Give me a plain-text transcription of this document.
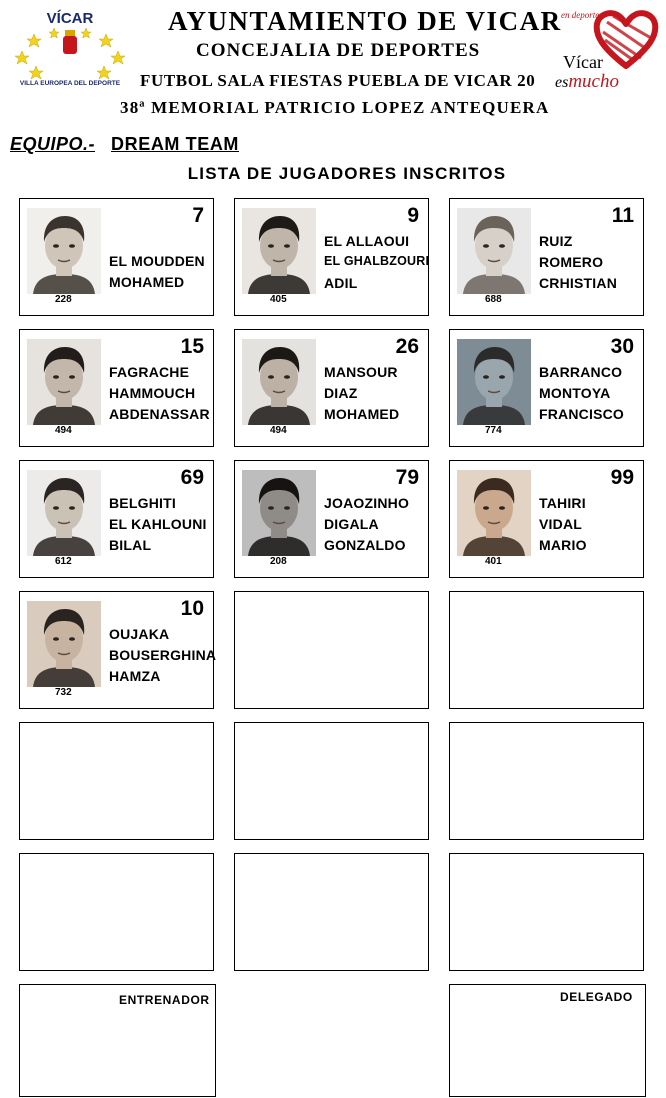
AYUNTAMIENTO DE VICAR
CONCEJALIA DE DEPORTES
FUTBOL SALA FIESTAS PUEBLA DE VICAR 20
38ª MEMORIAL PATRICIO LOPEZ ANTEQUERA
VÍCAR
VILLA EUROPEA DEL DEPORTE
en deporte
Vícar
esmucho
EQUIPO.- DREAM TEAM
LISTA DE JUGADORES INSCRITOS
7
228
EL MOUDDEN
MOHAMED
9
405
EL ALLAOUI
EL GHALBZOURI
ADIL
11
688
RUIZ
ROMERO
CRHISTIAN
15
494
FAGRACHE
HAMMOUCH
ABDENASSAR
26
494
MANSOUR
DIAZ
MOHAMED
30
774
BARRANCO
MONTOYA
FRANCISCO
69
612
BELGHITI
EL KAHLOUNI
BILAL
79
208
JOAOZINHO
DIGALA
GONZALDO
99
401
TAHIRI
VIDAL
MARIO
10
732
OUJAKA
BOUSERGHINA
HAMZA
ENTRENADOR	DELEGADO
